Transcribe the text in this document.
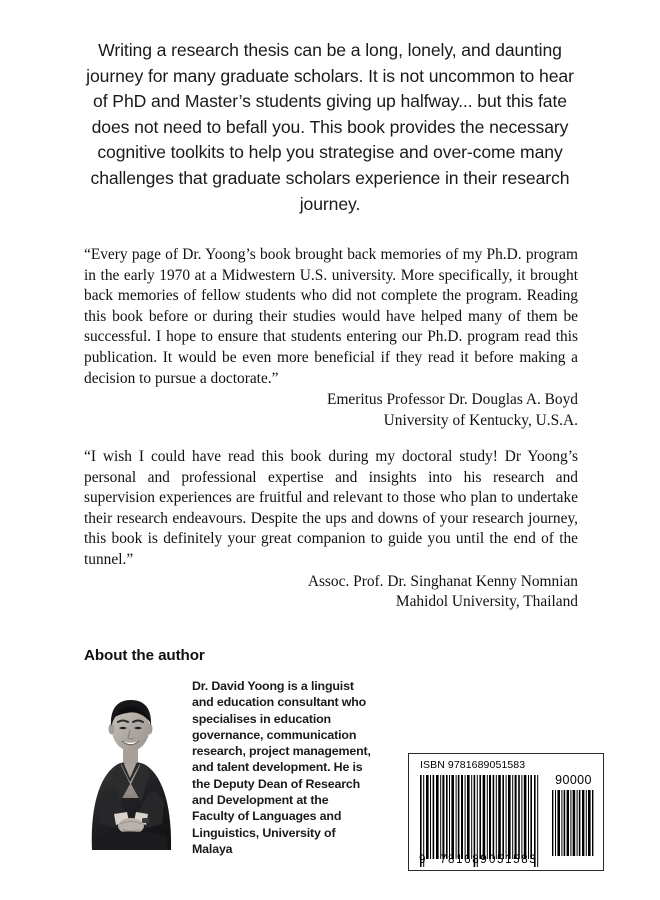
Writing a research thesis can be a long, lonely, and daunting journey for many graduate scholars. It is not uncommon to hear of PhD and Master’s students giving up halfway... but this fate does not need to befall you. This book provides the necessary cognitive toolkits to help you strategise and over-come many challenges that graduate scholars experience in their research journey.
“Every page of Dr. Yoong’s book brought back memories of my Ph.D. program in the early 1970 at a Midwestern U.S. university. More specifically, it brought back memories of fellow students who did not complete the program. Reading this book before or during their studies would have helped many of them be successful. I hope to ensure that students entering our Ph.D. program read this publication. It would be even more beneficial if they read it before making a decision to pursue a doctorate.”
Emeritus Professor Dr. Douglas A. Boyd
University of Kentucky, U.S.A.
“I wish I could have read this book during my doctoral study! Dr Yoong’s personal and professional expertise and insights into his research and supervision experiences are fruitful and relevant to those who plan to undertake their research endeavours. Despite the ups and downs of your research journey, this book is definitely your great companion to guide you until the end of the tunnel.”
Assoc. Prof. Dr. Singhanat Kenny Nomnian
Mahidol University, Thailand
About the author
Dr. David Yoong is a linguist and education consultant who specialises in education governance, communication research, project management, and talent development. He is the Deputy Dean of Research and Development at the Faculty of Languages and Linguistics, University of Malaya
ISBN 9781689051583
90000
9 781689 051583
